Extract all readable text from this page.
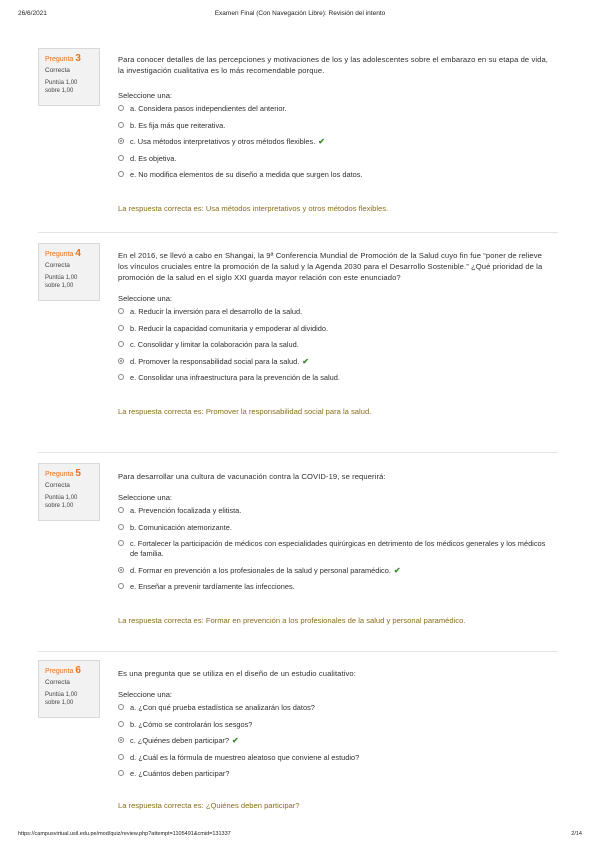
26/6/2021	Examen Final (Con Navegación Libre): Revisión del intento
Pregunta 3
Correcta
Puntúa 1,00
sobre 1,00
Para conocer detalles de las percepciones y motivaciones de los y las adolescentes sobre el embarazo en su etapa de vida, la investigación cualitativa es lo más recomendable porque.
Seleccione una:
a. Considera pasos independientes del anterior.
b. Es fija más que reiterativa.
c. Usa métodos interpretativos y otros métodos flexibles. ✔
d. Es objetiva.
e. No modifica elementos de su diseño a medida que surgen los datos.
La respuesta correcta es: Usa métodos interpretativos y otros métodos flexibles.
Pregunta 4
Correcta
Puntúa 1,00
sobre 1,00
En el 2016, se llevó a cabo en Shangai, la 9ª Conferencia Mundial de Promoción de la Salud cuyo fin fue “poner de relieve los vínculos cruciales entre la promoción de la salud y la Agenda 2030 para el Desarrollo Sostenible.” ¿Qué prioridad de la promoción de la salud en el siglo XXI guarda mayor relación con este enunciado?
Seleccione una:
a. Reducir la inversión para el desarrollo de la salud.
b. Reducir la capacidad comunitaria y empoderar al dividido.
c. Consolidar y limitar la colaboración para la salud.
d. Promover la responsabilidad social para la salud. ✔
e. Consolidar una infraestructura para la prevención de la salud.
La respuesta correcta es: Promover la responsabilidad social para la salud.
Pregunta 5
Correcta
Puntúa 1,00
sobre 1,00
Para desarrollar una cultura de vacunación contra la COVID-19, se requerirá:
Seleccione una:
a. Prevención focalizada y elitista.
b. Comunicación atemorizante.
c. Fortalecer la participación de médicos con especialidades quirúrgicas en detrimento de los médicos generales y los médicos de familia.
d. Formar en prevención a los profesionales de la salud y personal paramédico. ✔
e. Enseñar a prevenir tardíamente las infecciones.
La respuesta correcta es: Formar en prevención a los profesionales de la salud y personal paramédico.
Pregunta 6
Correcta
Puntúa 1,00
sobre 1,00
Es una pregunta que se utiliza en el diseño de un estudio cualitativo:
Seleccione una:
a. ¿Con qué prueba estadística se analizarán los datos?
b. ¿Cómo se controlarán los sesgos?
c. ¿Quiénes deben participar? ✔
d. ¿Cuál es la fórmula de muestreo aleatoso que conviene al estudio?
e. ¿Cuántos deben participar?
La respuesta correcta es: ¿Quiénes deben participar?
https://campusvirtual.usil.edu.pe/mod/quiz/review.php?attempt=1105491&cmid=131337	2/14
